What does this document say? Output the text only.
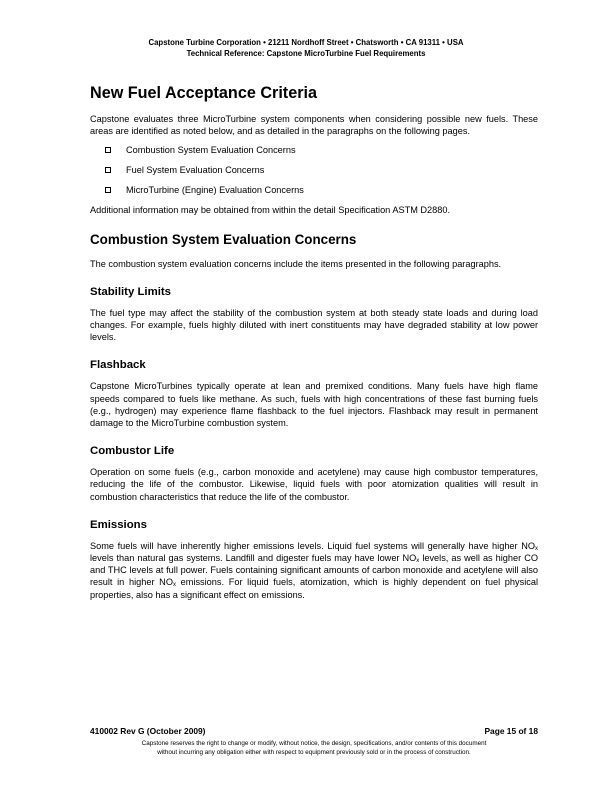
Capstone Turbine Corporation • 21211 Nordhoff Street • Chatsworth • CA 91311 • USA
Technical Reference: Capstone MicroTurbine Fuel Requirements
New Fuel Acceptance Criteria

Capstone evaluates three MicroTurbine system components when considering possible new fuels. These areas are identified as noted below, and as detailed in the paragraphs on the following pages.

Combustion System Evaluation Concerns
Fuel System Evaluation Concerns
MicroTurbine (Engine) Evaluation Concerns

Additional information may be obtained from within the detail Specification ASTM D2880.

Combustion System Evaluation Concerns

The combustion system evaluation concerns include the items presented in the following paragraphs.

Stability Limits

The fuel type may affect the stability of the combustion system at both steady state loads and during load changes. For example, fuels highly diluted with inert constituents may have degraded stability at low power levels.

Flashback

Capstone MicroTurbines typically operate at lean and premixed conditions. Many fuels have high flame speeds compared to fuels like methane. As such, fuels with high concentrations of these fast burning fuels (e.g., hydrogen) may experience flame flashback to the fuel injectors. Flashback may result in permanent damage to the MicroTurbine combustion system.

Combustor Life

Operation on some fuels (e.g., carbon monoxide and acetylene) may cause high combustor temperatures, reducing the life of the combustor. Likewise, liquid fuels with poor atomization qualities will result in combustion characteristics that reduce the life of the combustor.

Emissions

Some fuels will have inherently higher emissions levels. Liquid fuel systems will generally have higher NOx levels than natural gas systems. Landfill and digester fuels may have lower NOx levels, as well as higher CO and THC levels at full power. Fuels containing significant amounts of carbon monoxide and acetylene will also result in higher NOx emissions. For liquid fuels, atomization, which is highly dependent on fuel physical properties, also has a significant effect on emissions.

410002 Rev G (October 2009)	Page 15 of 18
Capstone reserves the right to change or modify, without notice, the design, specifications, and/or contents of this document
without incurring any obligation either with respect to equipment previously sold or in the process of construction.
